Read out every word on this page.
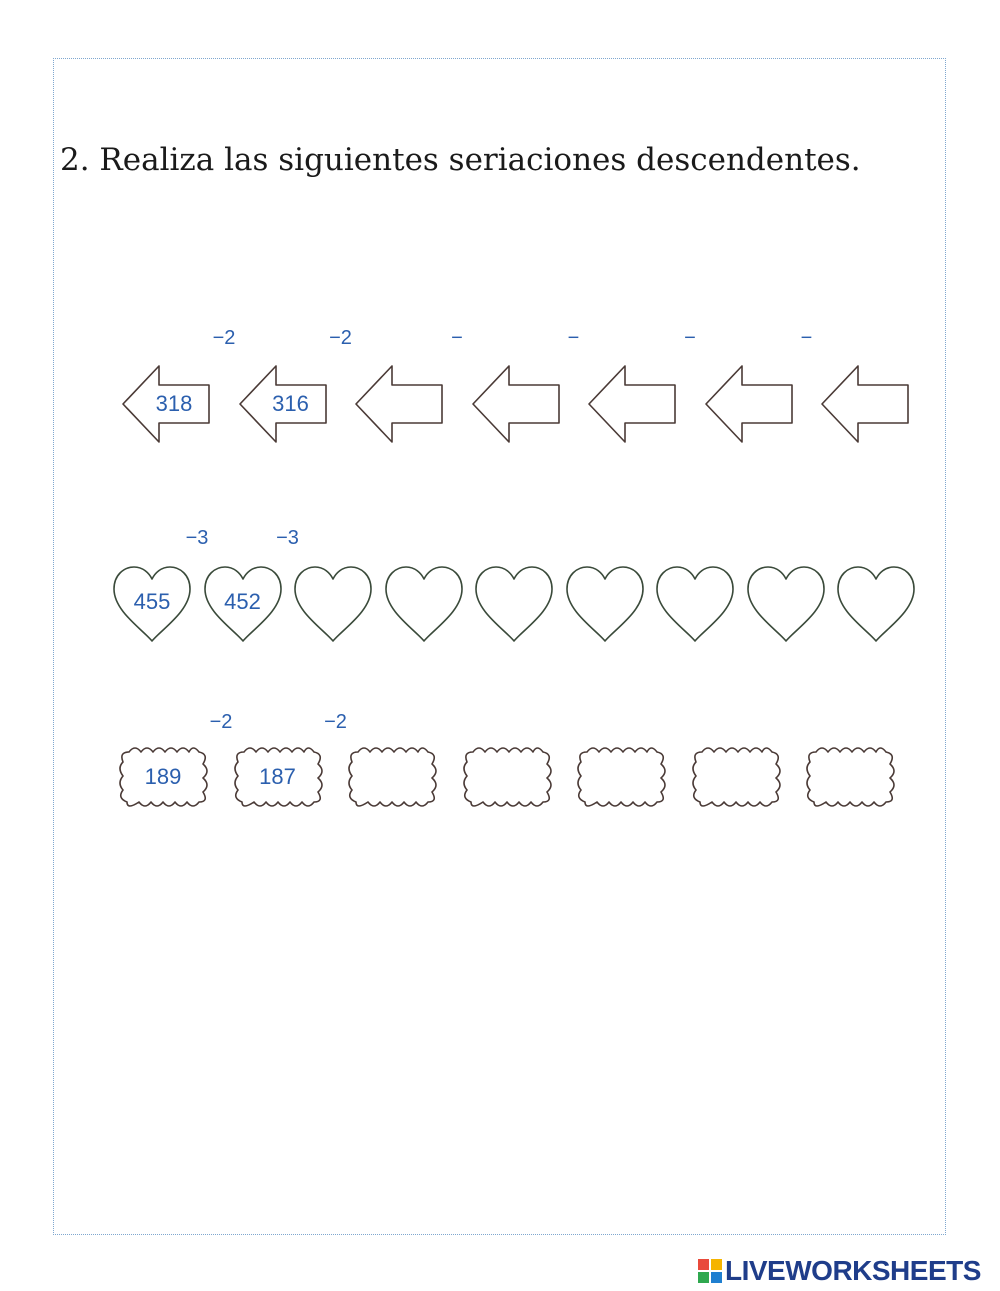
2. Realiza las siguientes seriaciones descendentes.
318	316
−2	−2	−	−	−	−
455 452
−3	−3
189	187
−2	−2
LIVEWORKSHEETS
